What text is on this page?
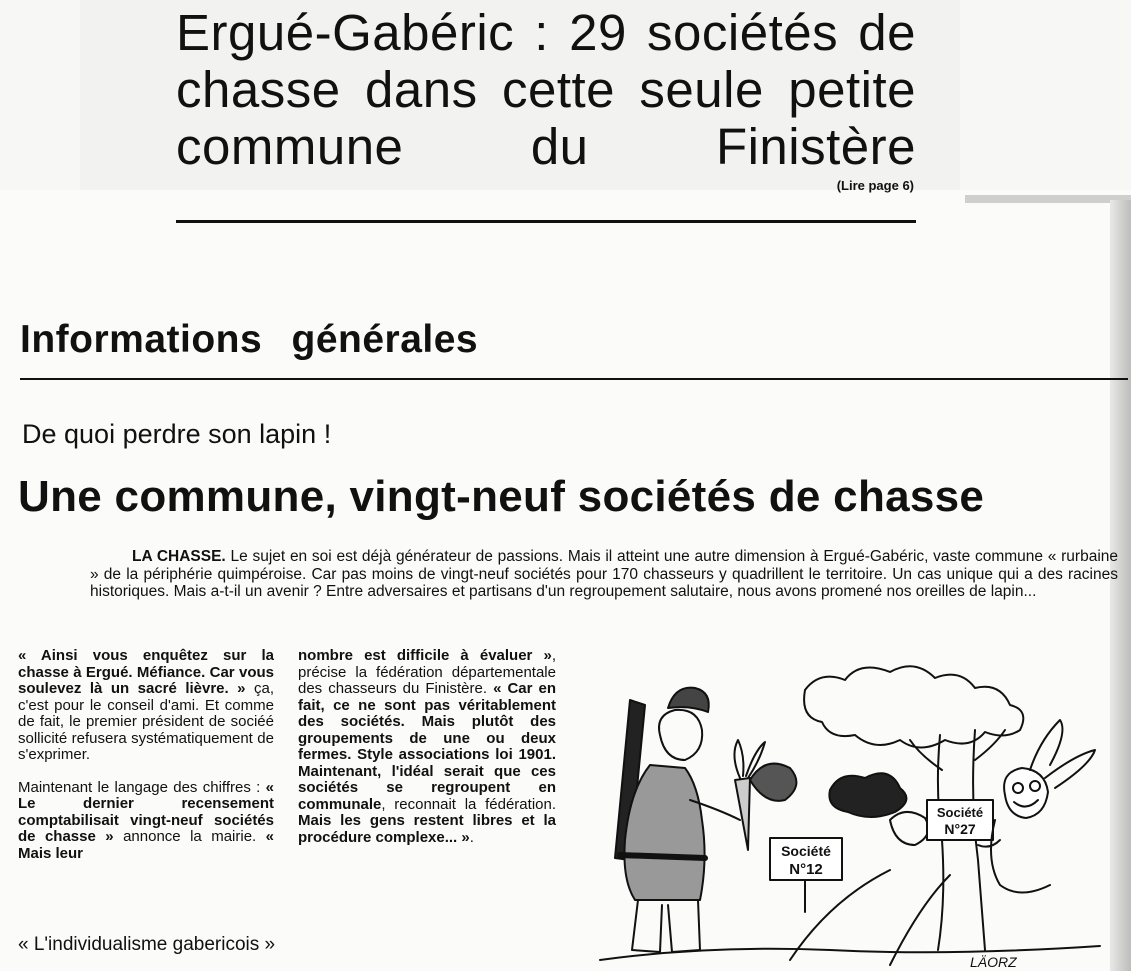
Ergué-Gabéric : 29 sociétés de chasse dans cette seule petite commune du Finistère
(Lire page 6)
Informations générales
De quoi perdre son lapin !
Une commune, vingt-neuf sociétés de chasse

LA CHASSE. Le sujet en soi est déjà générateur de passions. Mais il atteint une autre dimension à Ergué-Gabéric, vaste commune « rurbaine » de la périphérie quimpéroise. Car pas moins de vingt-neuf sociétés pour 170 chasseurs y quadrillent le territoire. Un cas unique qui a des racines historiques. Mais a-t-il un avenir ? Entre adversaires et partisans d'un regroupement salutaire, nous avons promené nos oreilles de lapin...

« Ainsi vous enquêtez sur la chasse à Ergué. Méfiance. Car vous soulevez là un sacré lièvre. » ça, c'est pour le conseil d'ami. Et comme de fait, le premier président de sociéé sollicité refusera systématiquement de s'exprimer.

Maintenant le langage des chiffres : « Le dernier recensement comptabilisait vingt-neuf sociétés de chasse » annonce la mairie. « Mais leur

nombre est difficile à évaluer », précise la fédération départementale des chasseurs du Finistère. « Car en fait, ce ne sont pas véritablement des sociétés. Mais plutôt des groupements de une ou deux fermes. Style associations loi 1901. Maintenant, l'idéal serait que ces sociétés se regroupent en communale, reconnait la fédération. Mais les gens restent libres et la procédure complexe... ».

« L'individualisme gabericois »
Société
N°12
Société
N°27
LÄORZ
